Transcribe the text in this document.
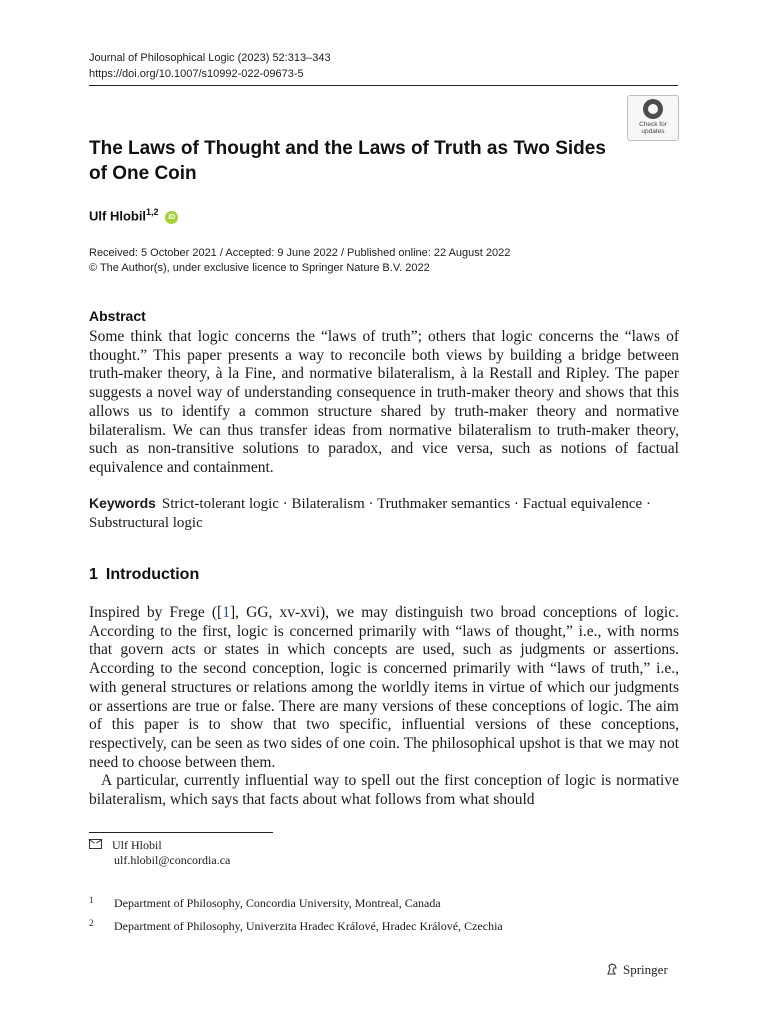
Journal of Philosophical Logic (2023) 52:313–343
https://doi.org/10.1007/s10992-022-09673-5
Check for
updates
The Laws of Thought and the Laws of Truth as Two Sides of One Coin
Ulf Hlobil$^{1,2}$ iD
Received: 5 October 2021 / Accepted: 9 June 2022 / Published online: 22 August 2022
© The Author(s), under exclusive licence to Springer Nature B.V. 2022
Abstract
Some think that logic concerns the “laws of truth”; others that logic concerns the “laws of thought.” This paper presents a way to reconcile both views by building a bridge between truth-maker theory, à la Fine, and normative bilateralism, à la Restall and Ripley. The paper suggests a novel way of understanding consequence in truth-maker theory and shows that this allows us to identify a common structure shared by truth-maker theory and normative bilateralism. We can thus transfer ideas from normative bilateralism to truth-maker theory, such as non-transitive solutions to paradox, and vice versa, such as notions of factual equivalence and containment.
Keywords Strict-tolerant logic · Bilateralism · Truthmaker semantics · Factual equivalence · Substructural logic
1 Introduction

Inspired by Frege ([1], GG, xv-xvi), we may distinguish two broad conceptions of logic. According to the first, logic is concerned primarily with “laws of thought,” i.e., with norms that govern acts or states in which concepts are used, such as judgments or assertions. According to the second conception, logic is concerned primarily with “laws of truth,” i.e., with general structures or relations among the worldly items in virtue of which our judgments or assertions are true or false. There are many versions of these conceptions of logic. The aim of this paper is to show that two specific, influential versions of these conceptions, respectively, can be seen as two sides of one coin. The philosophical upshot is that we may not need to choose between them.

A particular, currently influential way to spell out the first conception of logic is normative bilateralism, which says that facts about what follows from what should

Ulf Hlobil
ulf.hlobil@concordia.ca
1 Department of Philosophy, Concordia University, Montreal, Canada
2 Department of Philosophy, Univerzita Hradec Králové, Hradec Králové, Czechia
Springer
